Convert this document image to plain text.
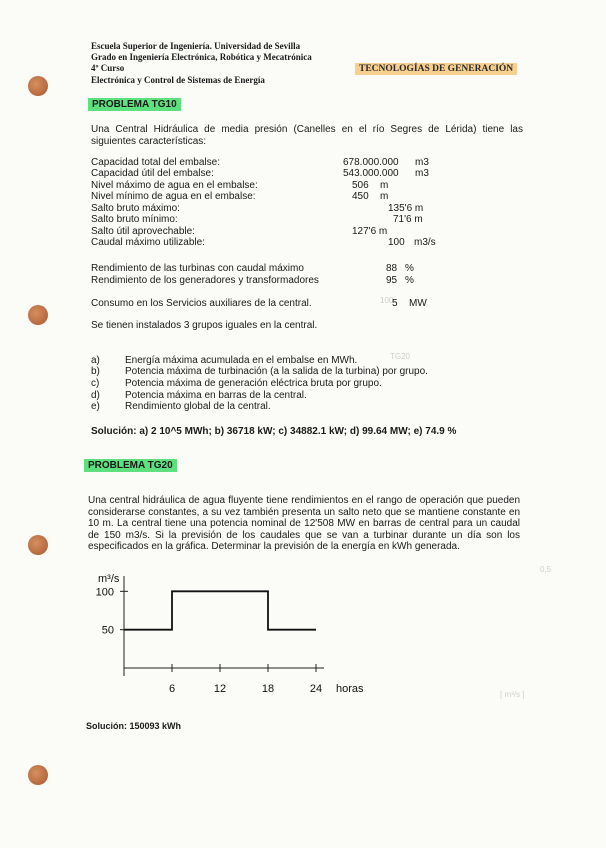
100
TG20
0,5
[ m³/s ]
Escuela Superior de Ingeniería. Universidad de Sevilla
Grado en Ingeniería Electrónica, Robótica y Mecatrónica
4º Curso
Electrónica y Control de Sistemas de Energía
TECNOLOGÍAS DE GENERACIÓN
PROBLEMA TG10
Una Central Hidráulica de media presión (Canelles en el río Segres de Lérida) tiene las siguientes características:
Capacidad total del embalse:	678.000.000 m3
Capacidad útil del embalse:	543.000.000 m3
Nivel máximo de agua en el embalse:	506 m
Nivel mínimo de agua en el embalse:	450 m
Salto bruto máximo:	135'6 m
Salto bruto mínimo:	71'6 m
Salto útil aprovechable:	127'6 m
Caudal máximo utilizable:	100 m3/s
Rendimiento de las turbinas con caudal máximo	88 %
Rendimiento de los generadores y transformadores	95 %
Consumo en los Servicios auxiliares de la central.	5 MW
Se tienen instalados 3 grupos iguales en la central.
a)	Energía máxima acumulada en el embalse en MWh.
b)	Potencia máxima de turbinación (a la salida de la turbina) por grupo.
c)	Potencia máxima de generación eléctrica bruta por grupo.
d)	Potencia máxima en barras de la central.
e)	Rendimiento global de la central.
Solución: a) 2 10^5 MWh; b) 36718 kW; c) 34882.1 kW; d) 99.64 MW; e) 74.9 %
PROBLEMA TG20
Una central hidráulica de agua fluyente tiene rendimientos en el rango de operación que pueden considerarse constantes, a su vez también presenta un salto neto que se mantiene constante en 10 m. La central tiene una potencia nominal de 12'508 MW en barras de central para un caudal de 150 m3/s. Si la previsión de los caudales que se van a turbinar durante un día son los especificados en la gráfica. Determinar la previsión de la energía en kWh generada.
100
50
6	12	18	24
m³/s
horas
Solución: 150093 kWh
